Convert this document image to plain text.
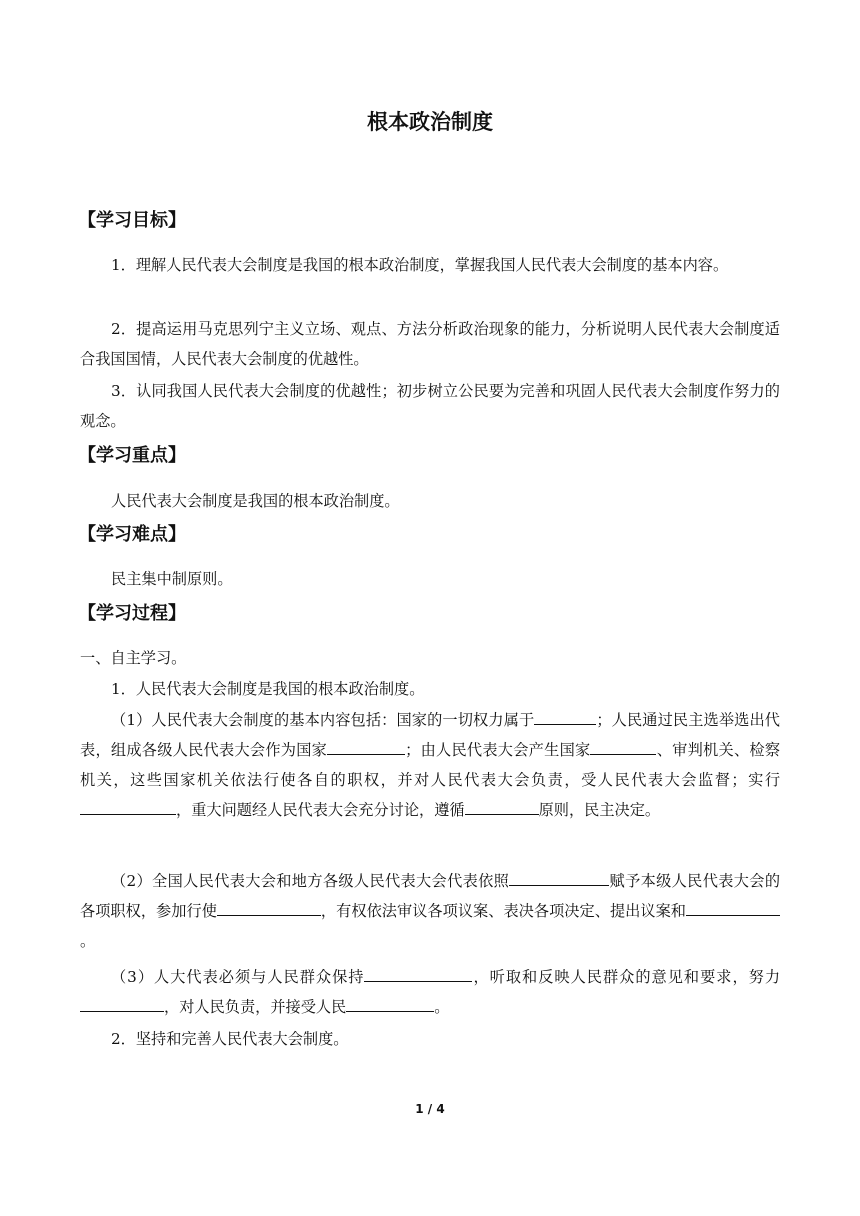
根本政治制度
【学习目标】

1．理解人民代表大会制度是我国的根本政治制度，掌握我国人民代表大会制度的基本内容。

2．提高运用马克思列宁主义立场、观点、方法分析政治现象的能力，分析说明人民代表大会制度适合我国国情，人民代表大会制度的优越性。

3．认同我国人民代表大会制度的优越性；初步树立公民要为完善和巩固人民代表大会制度作努力的观念。

【学习重点】

人民代表大会制度是我国的根本政治制度。

【学习难点】

民主集中制原则。

【学习过程】

一、自主学习。

1．人民代表大会制度是我国的根本政治制度。

（1）人民代表大会制度的基本内容包括：国家的一切权力属于	；人民通过民主选举选出代表，组成各级人民代表大会作为国家	；由人民代表大会产生国家	、审判机关、检察机关，这些国家机关依法行使各自的职权，并对人民代表大会负责，受人民代表大会监督；实行，重大问题经人民代表大会充分讨论，遵循	原则，民主决定。

（2）全国人民代表大会和地方各级人民代表大会代表依照	赋予本级人民代表大会的各项职权，参加行使	，有权依法审议各项议案、表决各项决定、提出议案和。

（3）人大代表必须与人民群众保持	，听取和反映人民群众的意见和要求，努力，对人民负责，并接受人民	。

2．坚持和完善人民代表大会制度。

1 / 4
